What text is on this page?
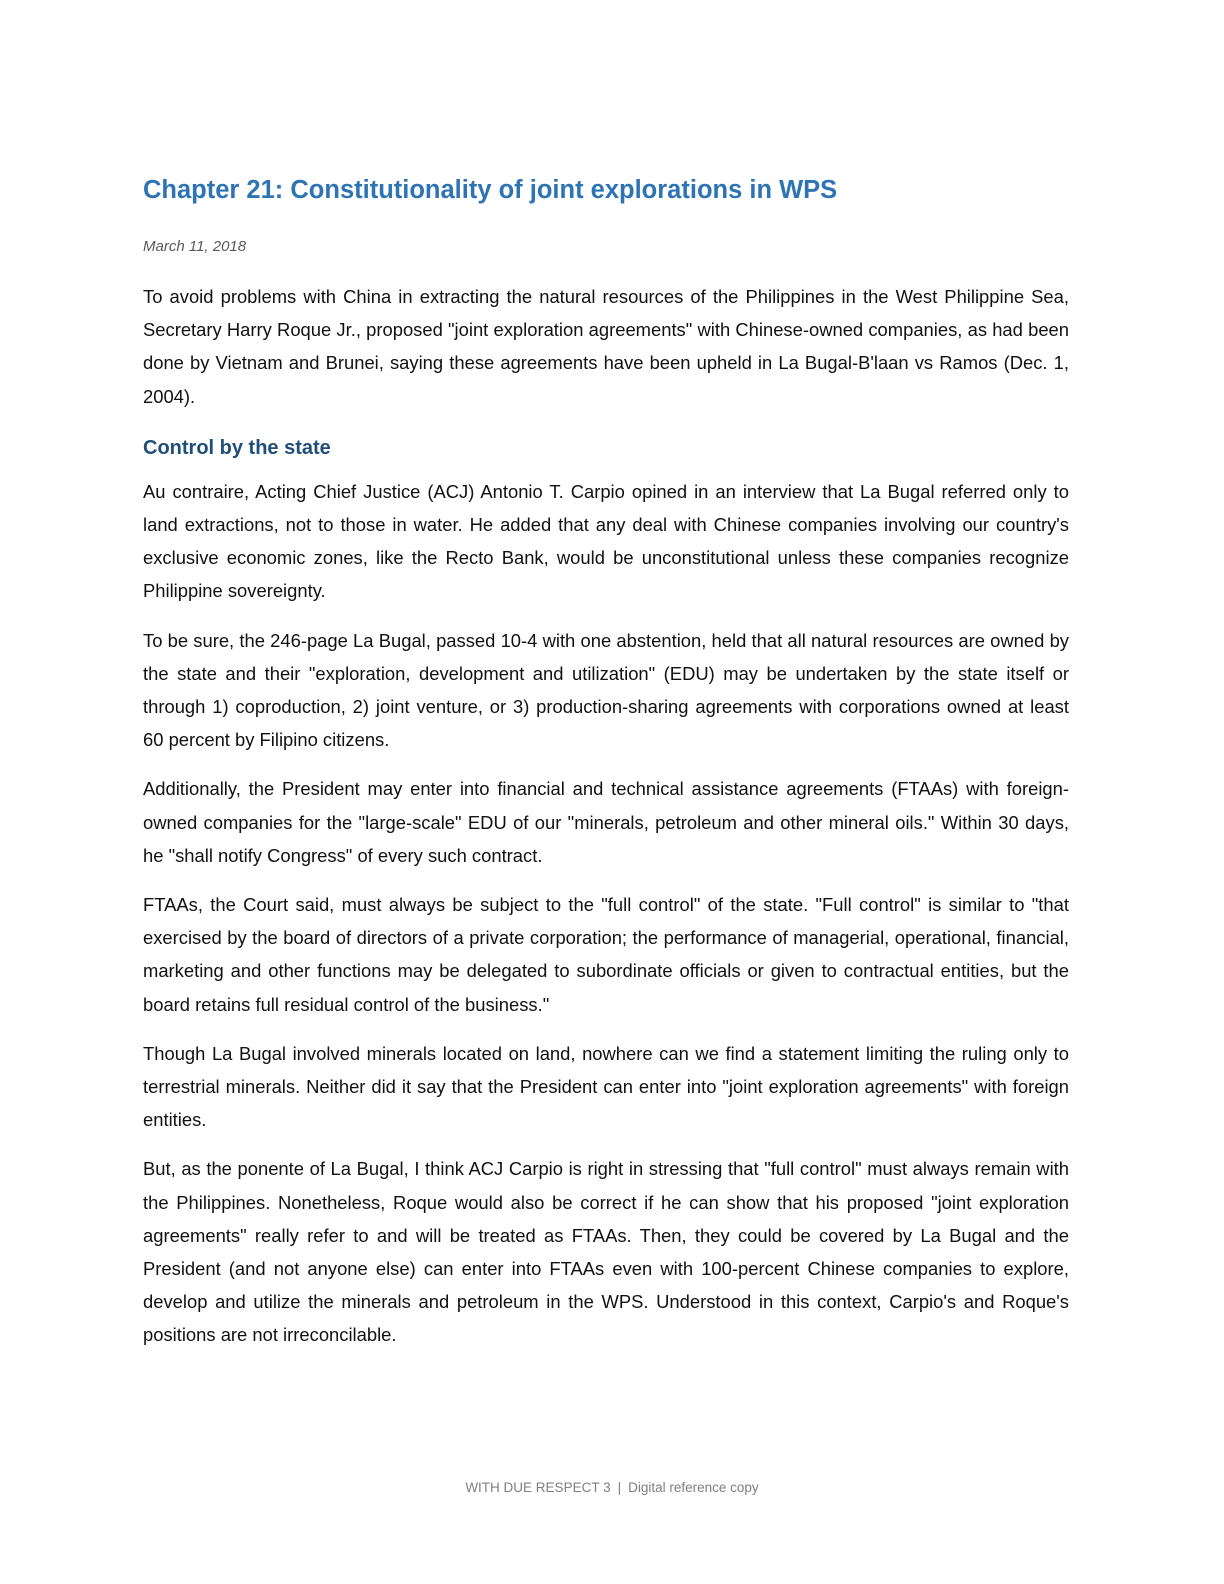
Chapter 21: Constitutionality of joint explorations in WPS
March 11, 2018

To avoid problems with China in extracting the natural resources of the Philippines in the West Philippine Sea, Secretary Harry Roque Jr., proposed "joint exploration agreements" with Chinese-owned companies, as had been done by Vietnam and Brunei, saying these agreements have been upheld in La Bugal-B'laan vs Ramos (Dec. 1, 2004).

Control by the state

Au contraire, Acting Chief Justice (ACJ) Antonio T. Carpio opined in an interview that La Bugal referred only to land extractions, not to those in water. He added that any deal with Chinese companies involving our country's exclusive economic zones, like the Recto Bank, would be unconstitutional unless these companies recognize Philippine sovereignty.

To be sure, the 246-page La Bugal, passed 10-4 with one abstention, held that all natural resources are owned by the state and their "exploration, development and utilization" (EDU) may be undertaken by the state itself or through 1) coproduction, 2) joint venture, or 3) production-sharing agreements with corporations owned at least 60 percent by Filipino citizens.

Additionally, the President may enter into financial and technical assistance agreements (FTAAs) with foreign-owned companies for the "large-scale" EDU of our "minerals, petroleum and other mineral oils." Within 30 days, he "shall notify Congress" of every such contract.

FTAAs, the Court said, must always be subject to the "full control" of the state. "Full control" is similar to "that exercised by the board of directors of a private corporation; the performance of managerial, operational, financial, marketing and other functions may be delegated to subordinate officials or given to contractual entities, but the board retains full residual control of the business."

Though La Bugal involved minerals located on land, nowhere can we find a statement limiting the ruling only to terrestrial minerals. Neither did it say that the President can enter into "joint exploration agreements" with foreign entities.

But, as the ponente of La Bugal, I think ACJ Carpio is right in stressing that "full control" must always remain with the Philippines. Nonetheless, Roque would also be correct if he can show that his proposed "joint exploration agreements" really refer to and will be treated as FTAAs. Then, they could be covered by La Bugal and the President (and not anyone else) can enter into FTAAs even with 100-percent Chinese companies to explore, develop and utilize the minerals and petroleum in the WPS. Understood in this context, Carpio's and Roque's positions are not irreconcilable.

WITH DUE RESPECT 3 | Digital reference copy
